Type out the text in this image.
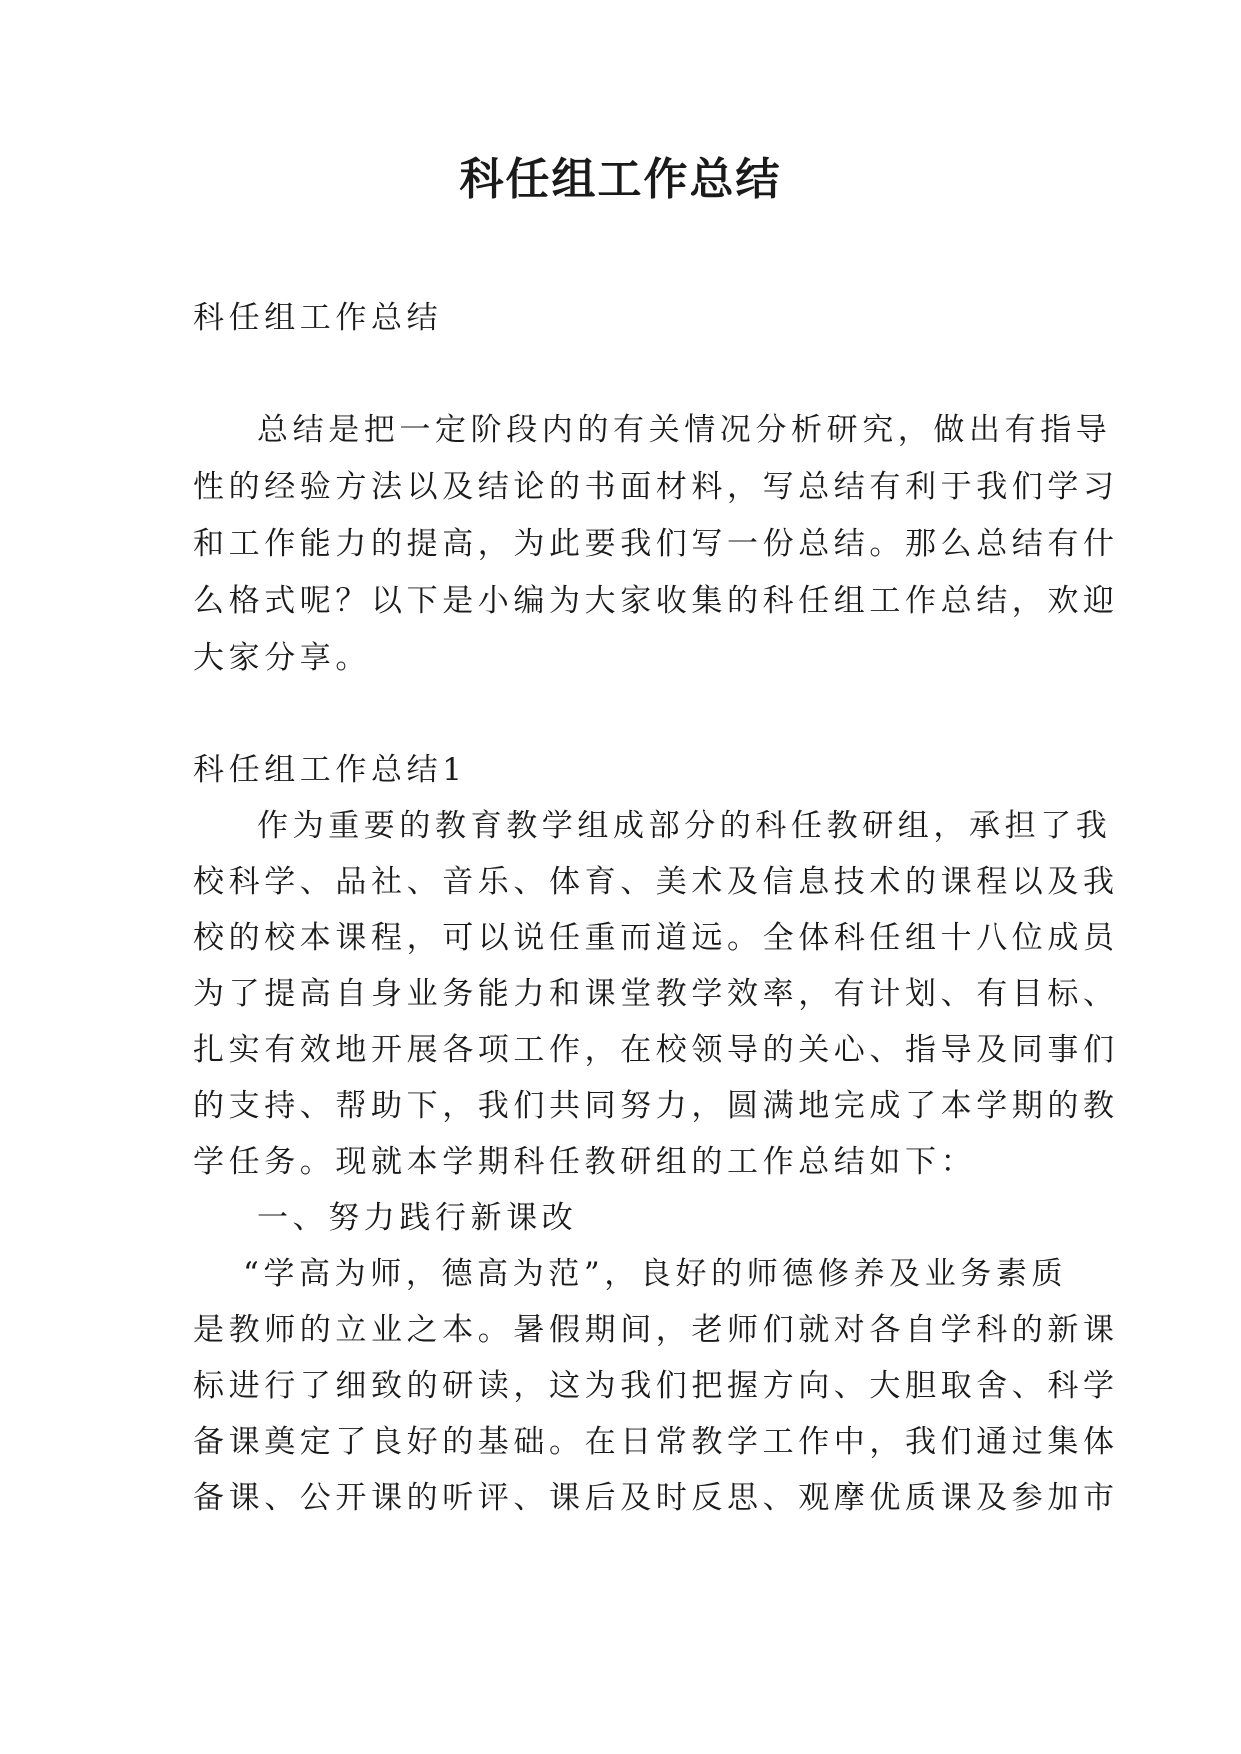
科任组工作总结

科任组工作总结

总结是把一定阶段内的有关情况分析研究，做出有指导

性的经验方法以及结论的书面材料，写总结有利于我们学习

和工作能力的提高，为此要我们写一份总结。那么总结有什

么格式呢？以下是小编为大家收集的科任组工作总结，欢迎

大家分享。

科任组工作总结1

作为重要的教育教学组成部分的科任教研组，承担了我

校科学、品社、音乐、体育、美术及信息技术的课程以及我

校的校本课程，可以说任重而道远。全体科任组十八位成员

为了提高自身业务能力和课堂教学效率，有计划、有目标、

扎实有效地开展各项工作，在校领导的关心、指导及同事们

的支持、帮助下，我们共同努力，圆满地完成了本学期的教

学任务。现就本学期科任教研组的工作总结如下：

一、努力践行新课改

“学高为师，德高为范”，良好的师德修养及业务素质

是教师的立业之本。暑假期间，老师们就对各自学科的新课

标进行了细致的研读，这为我们把握方向、大胆取舍、科学

备课奠定了良好的基础。在日常教学工作中，我们通过集体

备课、公开课的听评、课后及时反思、观摩优质课及参加市
